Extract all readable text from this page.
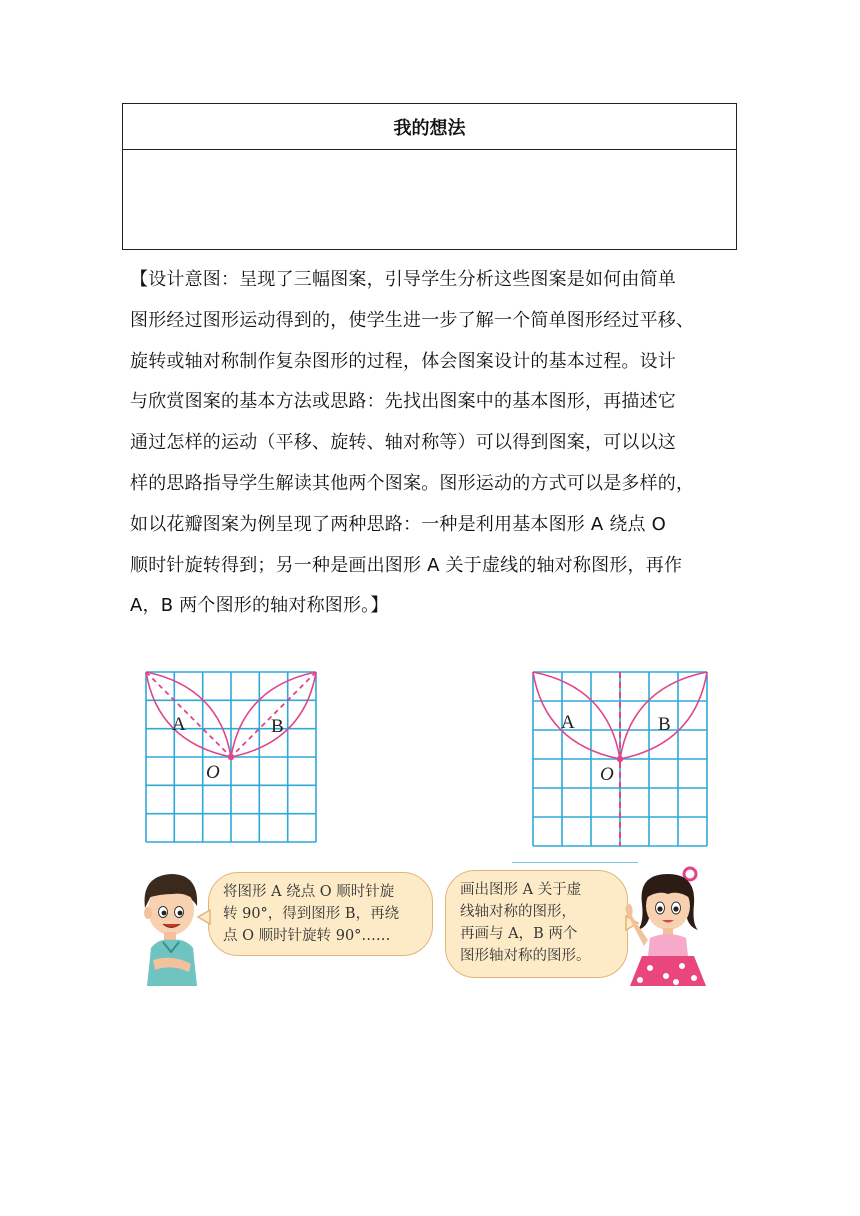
我的想法

【设计意图：呈现了三幅图案，引导学生分析这些图案是如何由简单
图形经过图形运动得到的，使学生进一步了解一个简单图形经过平移、
旋转或轴对称制作复杂图形的过程，体会图案设计的基本过程。设计
与欣赏图案的基本方法或思路：先找出图案中的基本图形，再描述它
通过怎样的运动（平移、旋转、轴对称等）可以得到图案，可以以这
样的思路指导学生解读其他两个图案。图形运动的方式可以是多样的，
如以花瓣图案为例呈现了两种思路：一种是利用基本图形 A 绕点 O
顺时针旋转得到；另一种是画出图形 A 关于虚线的轴对称图形，再作
A，B 两个图形的轴对称图形。】

A	B
O
A	B
O
将图形 A 绕点 O 顺时针旋
转 90°，得到图形 B，再绕
点 O 顺时针旋转 90°……
画出图形 A 关于虚
线轴对称的图形，
再画与 A，B 两个
图形轴对称的图形。
